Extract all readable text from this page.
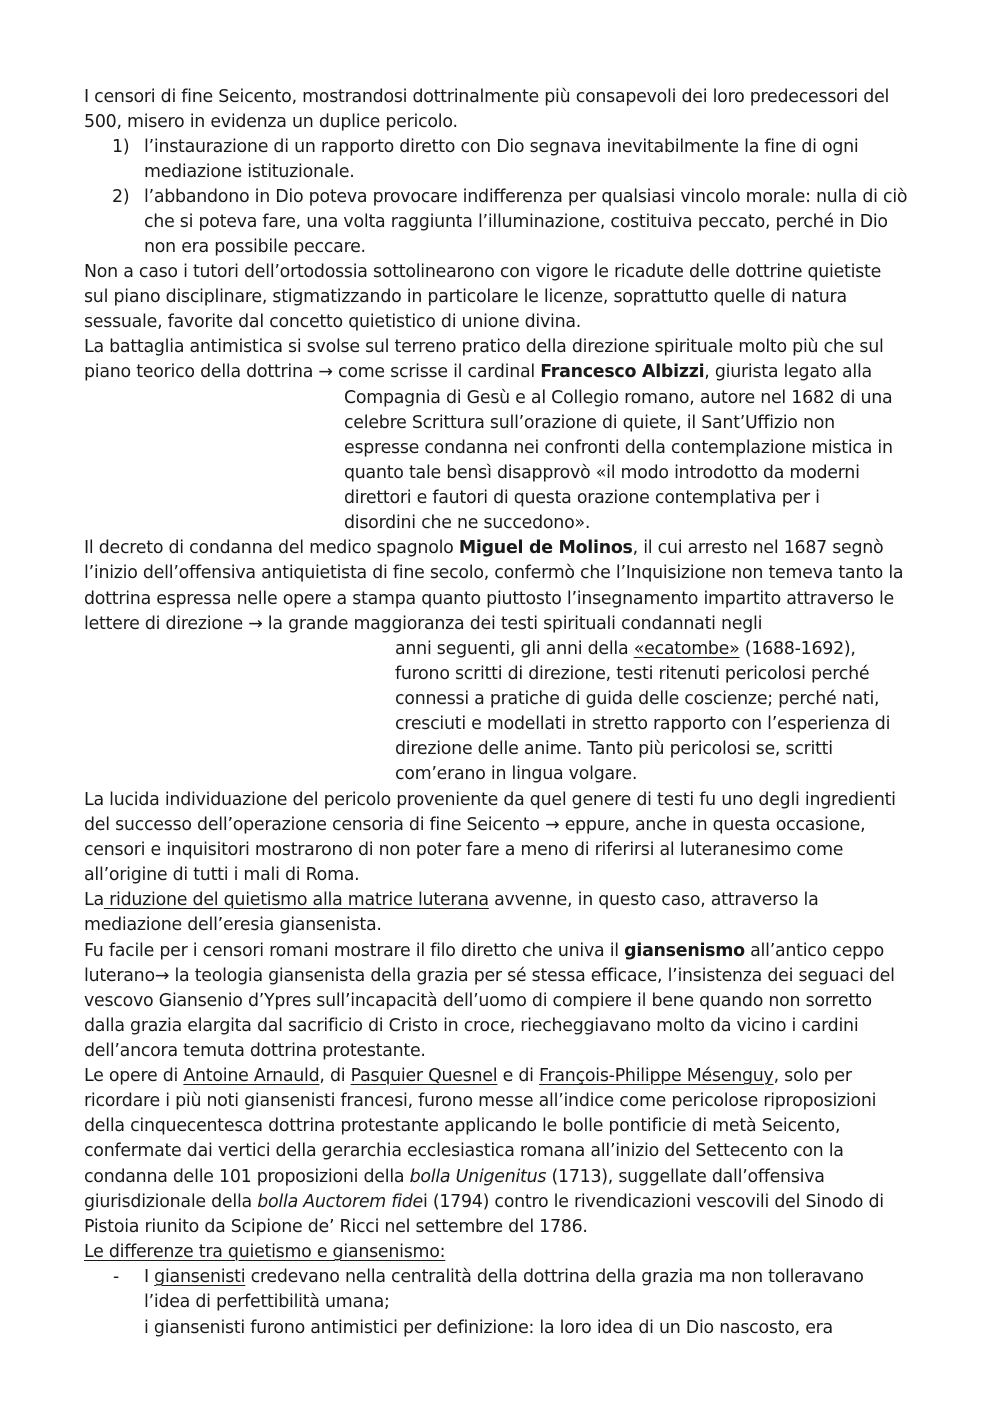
I censori di fine Seicento, mostrandosi dottrinalmente più consapevoli dei loro predecessori del
500, misero in evidenza un duplice pericolo.
1) l’instaurazione di un rapporto diretto con Dio segnava inevitabilmente la fine di ogni
mediazione istituzionale.
2) l’abbandono in Dio poteva provocare indifferenza per qualsiasi vincolo morale: nulla di ciò
che si poteva fare, una volta raggiunta l’illuminazione, costituiva peccato, perché in Dio
non era possibile peccare.
Non a caso i tutori dell’ortodossia sottolinearono con vigore le ricadute delle dottrine quietiste
sul piano disciplinare, stigmatizzando in particolare le licenze, soprattutto quelle di natura
sessuale, favorite dal concetto quietistico di unione divina.
La battaglia antimistica si svolse sul terreno pratico della direzione spirituale molto più che sul
piano teorico della dottrina → come scrisse il cardinal Francesco Albizzi, giurista legato alla
Compagnia di Gesù e al Collegio romano, autore nel 1682 di una
celebre Scrittura sull’orazione di quiete, il Sant’Uffizio non
espresse condanna nei confronti della contemplazione mistica in
quanto tale bensì disapprovò «il modo introdotto da moderni
direttori e fautori di questa orazione contemplativa per i
disordini che ne succedono».
Il decreto di condanna del medico spagnolo Miguel de Molinos, il cui arresto nel 1687 segnò
l’inizio dell’offensiva antiquietista di fine secolo, confermò che l’Inquisizione non temeva tanto la
dottrina espressa nelle opere a stampa quanto piuttosto l’insegnamento impartito attraverso le
lettere di direzione → la grande maggioranza dei testi spirituali condannati negli
anni seguenti, gli anni della «ecatombe» (1688-1692),
furono scritti di direzione, testi ritenuti pericolosi perché
connessi a pratiche di guida delle coscienze; perché nati,
cresciuti e modellati in stretto rapporto con l’esperienza di
direzione delle anime. Tanto più pericolosi se, scritti
com’erano in lingua volgare.
La lucida individuazione del pericolo proveniente da quel genere di testi fu uno degli ingredienti
del successo dell’operazione censoria di fine Seicento → eppure, anche in questa occasione,
censori e inquisitori mostrarono di non poter fare a meno di riferirsi al luteranesimo come
all’origine di tutti i mali di Roma.
La riduzione del quietismo alla matrice luterana avvenne, in questo caso, attraverso la
mediazione dell’eresia giansenista.
Fu facile per i censori romani mostrare il filo diretto che univa il giansenismo all’antico ceppo
luterano→ la teologia giansenista della grazia per sé stessa efficace, l’insistenza dei seguaci del
vescovo Giansenio d’Ypres sull’incapacità dell’uomo di compiere il bene quando non sorretto
dalla grazia elargita dal sacrificio di Cristo in croce, riecheggiavano molto da vicino i cardini
dell’ancora temuta dottrina protestante.
Le opere di Antoine Arnauld, di Pasquier Quesnel e di François-Philippe Mésenguy, solo per
ricordare i più noti giansenisti francesi, furono messe all’indice come pericolose riproposizioni
della cinquecentesca dottrina protestante applicando le bolle pontificie di metà Seicento,
confermate dai vertici della gerarchia ecclesiastica romana all’inizio del Settecento con la
condanna delle 101 proposizioni della bolla Unigenitus (1713), suggellate dall’offensiva
giurisdizionale della bolla Auctorem fidei (1794) contro le rivendicazioni vescovili del Sinodo di
Pistoia riunito da Scipione de’ Ricci nel settembre del 1786.
Le differenze tra quietismo e giansenismo:
- I giansenisti credevano nella centralità della dottrina della grazia ma non tolleravano
l’idea di perfettibilità umana;
i giansenisti furono antimistici per definizione: la loro idea di un Dio nascosto, era
